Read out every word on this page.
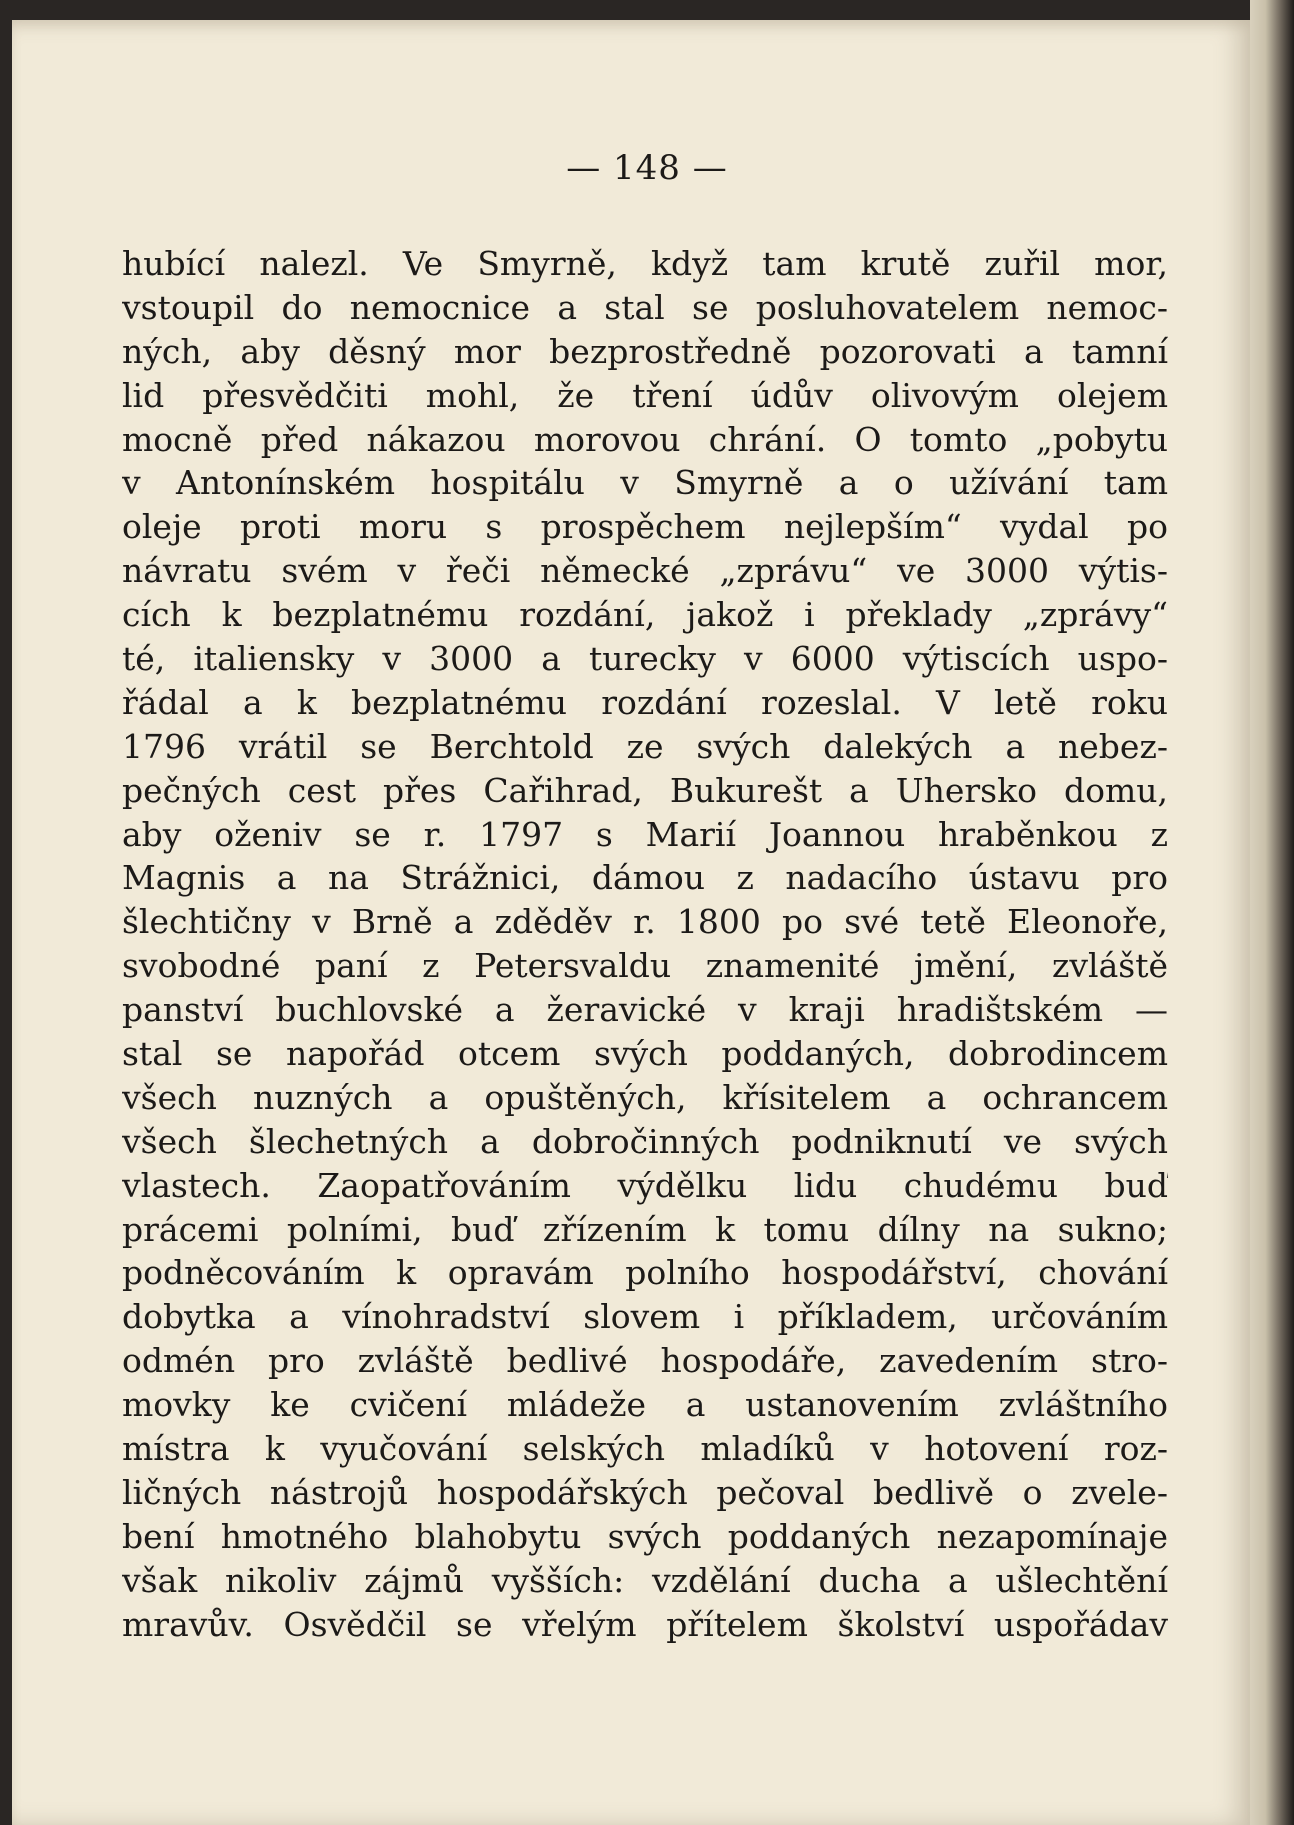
— 148 —
hubící nalezl. Ve Smyrně, když tam krutě zuřil mor,
vstoupil do nemocnice a stal se posluhovatelem nemoc-
ných, aby děsný mor bezprostředně pozorovati a tamní
lid přesvědčiti mohl, že tření údův olivovým olejem
mocně před nákazou morovou chrání. O tomto „pobytu
v Antonínském hospitálu v Smyrně a o užívání tam
oleje proti moru s prospěchem nejlepším“ vydal po
návratu svém v řeči německé „zprávu“ ve 3000 výtis-
cích k bezplatnému rozdání, jakož i překlady „zprávy“
té, italiensky v 3000 a turecky v 6000 výtiscích uspo-
řádal a k bezplatnému rozdání rozeslal. V letě roku
1796 vrátil se Berchtold ze svých dalekých a nebez-
pečných cest přes Cařihrad, Bukurešt a Uhersko domu,
aby oženiv se r. 1797 s Marií Joannou hraběnkou z
Magnis a na Strážnici, dámou z nadacího ústavu pro
šlechtičny v Brně a zděděv r. 1800 po své tetě Eleonoře,
svobodné paní z Petersvaldu znamenité jmění, zvláště
panství buchlovské a žeravické v kraji hradištském —
stal se napořád otcem svých poddaných, dobrodincem
všech nuzných a opuštěných, křísitelem a ochrancem
všech šlechetných a dobročinných podniknutí ve svých
vlastech. Zaopatřováním výdělku lidu chudému buď
prácemi polními, buď zřízením k tomu dílny na sukno;
podněcováním k opravám polního hospodářství, chování
dobytka a vínohradství slovem i příkladem, určováním
odmén pro zvláště bedlivé hospodáře, zavedením stro-
movky ke cvičení mládeže a ustanovením zvláštního
místra k vyučování selských mladíků v hotovení roz-
ličných nástrojů hospodářských pečoval bedlivě o zvele-
bení hmotného blahobytu svých poddaných nezapomínaje
však nikoliv zájmů vyšších: vzdělání ducha a ušlechtění
mravův. Osvědčil se vřelým přítelem školství uspořádav
